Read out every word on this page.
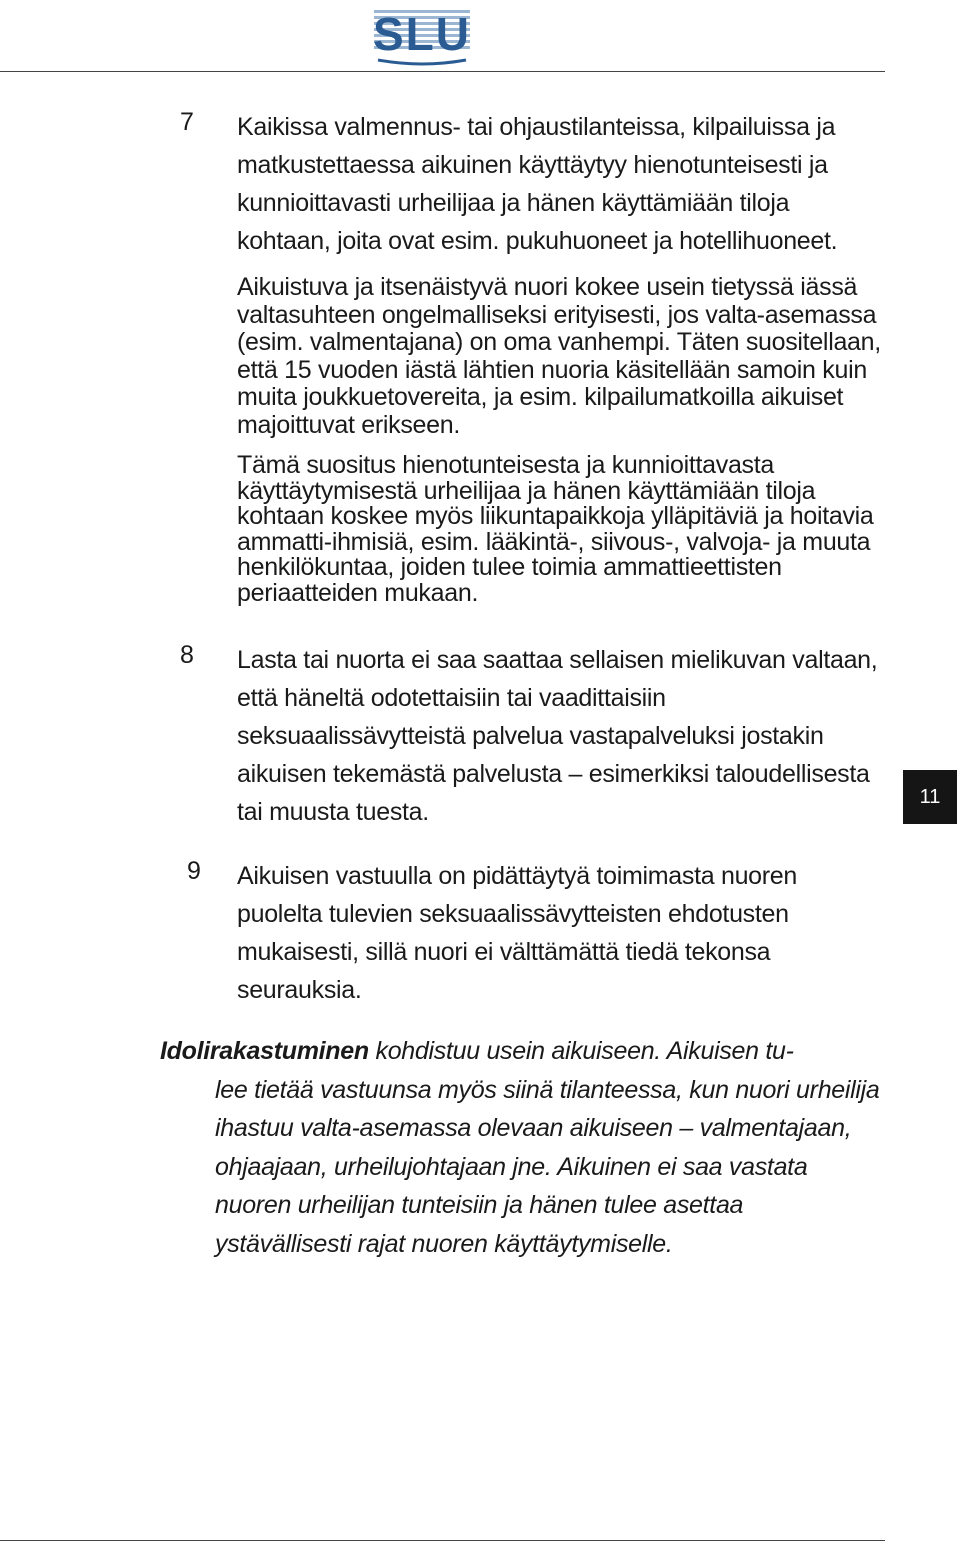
SLU
7 Kaikissa valmennus- tai ohjaustilanteissa, kilpailuissa ja matkustettaessa aikuinen käyttäytyy hienotunteisesti ja kunnioittavasti urheilijaa ja hänen käyttämiään tiloja kohtaan, joita ovat esim. pukuhuoneet ja hotellihuoneet.

Aikuistuva ja itsenäistyvä nuori kokee usein tietyssä iässä valtasuhteen ongelmalliseksi erityisesti, jos valta-asemassa (esim. valmentajana) on oma vanhempi. Täten suositellaan, että 15 vuoden iästä lähtien nuoria käsitellään samoin kuin muita joukkuetovereita, ja esim. kilpailumatkoilla aikuiset majoittuvat erikseen.

Tämä suositus hienotunteisesta ja kunnioittavasta käyttäytymisestä urheilijaa ja hänen käyttämiään tiloja kohtaan koskee myös liikuntapaikkoja ylläpitäviä ja hoitavia ammatti-ihmisiä, esim. lääkintä-, siivous-, valvoja- ja muuta henkilökuntaa, joiden tulee toimia ammattieettisten periaatteiden mukaan.

8 Lasta tai nuorta ei saa saattaa sellaisen mielikuvan valtaan, että häneltä odotettaisiin tai vaadittaisiin seksuaalissävytteistä palvelua vastapalveluksi jostakin aikuisen tekemästä palvelusta – esimerkiksi taloudellisesta tai muusta tuesta.

9 Aikuisen vastuulla on pidättäytyä toimimasta nuoren puolelta tulevien seksuaalissävytteisten ehdotusten mukaisesti, sillä nuori ei välttämättä tiedä tekonsa seurauksia.

Idolirakastuminen kohdistuu usein aikuiseen. Aikuisen tu-
lee tietää vastuunsa myös siinä tilanteessa, kun nuori urheilija ihastuu valta-asemassa olevaan aikuiseen – valmentajaan, ohjaajaan, urheilujohtajaan jne. Aikuinen ei saa vastata nuoren urheilijan tunteisiin ja hänen tulee asettaa ystävällisesti rajat nuoren käyttäytymiselle.

11
